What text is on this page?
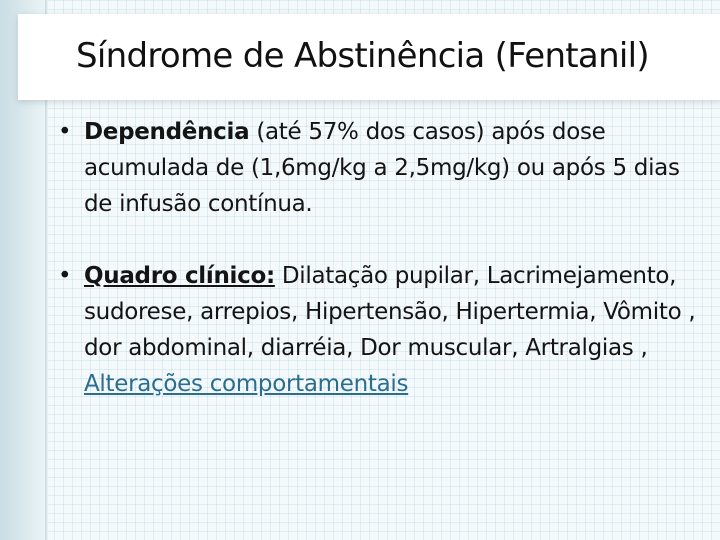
Síndrome de Abstinência (Fentanil)

• Dependência (até 57% dos casos) após dose acumulada de (1,6mg/kg a 2,5mg/kg) ou após 5 dias de infusão contínua.

• Quadro clínico: Dilatação pupilar, Lacrimejamento, sudorese, arrepios, Hipertensão, Hipertermia, Vômito , dor abdominal, diarréia, Dor muscular, Artralgias , Alterações comportamentais
